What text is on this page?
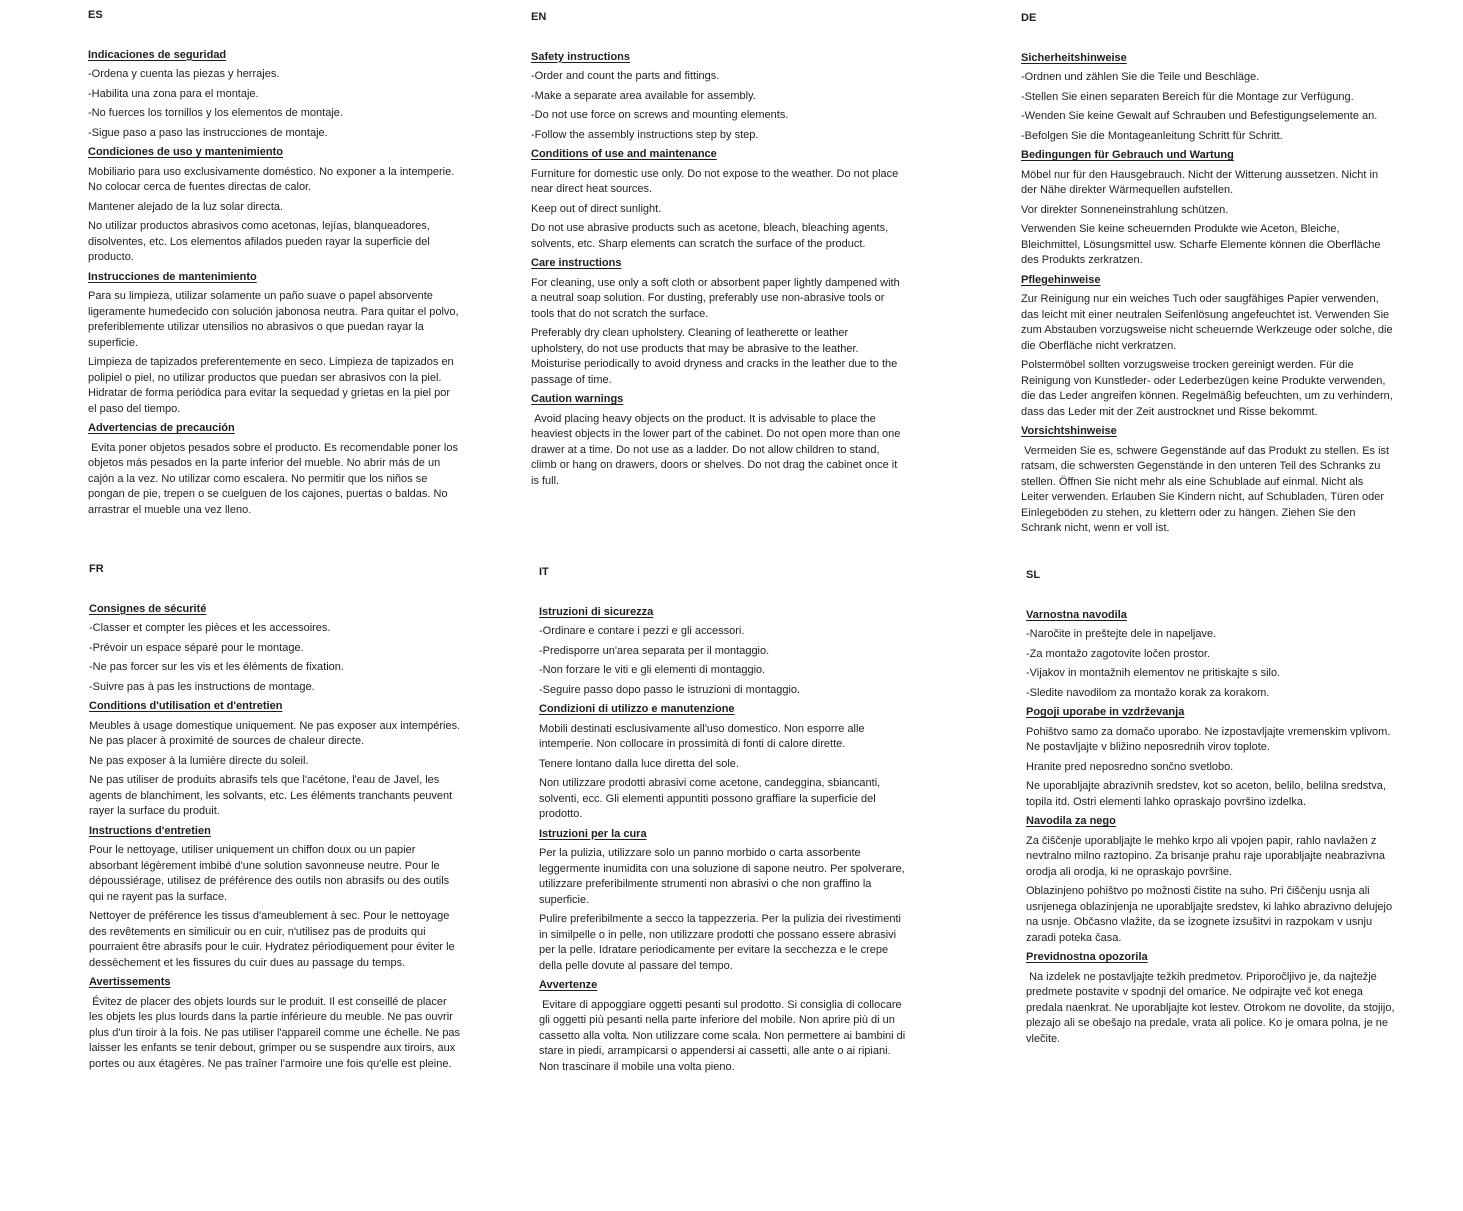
ES
Indicaciones de seguridad
-Ordena y cuenta las piezas y herrajes.
-Habilita una zona para el montaje.
-No fuerces los tornillos y los elementos de montaje.
-Sigue paso a paso las instrucciones de montaje.
Condiciones de uso y mantenimiento
Mobiliario para uso exclusivamente doméstico. No exponer a la intemperie. No colocar cerca de fuentes directas de calor.
Mantener alejado de la luz solar directa.
No utilizar productos abrasivos como acetonas, lejías, blanqueadores, disolventes, etc. Los elementos afilados pueden rayar la superficie del producto.
Instrucciones de mantenimiento
Para su limpieza, utilizar solamente un paño suave o papel absorvente ligeramente humedecido con solución jabonosa neutra. Para quitar el polvo, preferiblemente utilizar utensilios no abrasivos o que puedan rayar la superficie.
Limpieza de tapizados preferentemente en seco. Limpieza de tapizados en polipiel o piel, no utilizar productos que puedan ser abrasivos con la piel. Hidratar de forma periódica para evitar la sequedad y grietas en la piel por el paso del tiempo.
Advertencias de precaución
Evita poner objetos pesados sobre el producto. Es recomendable poner los objetos más pesados en la parte inferior del mueble. No abrir más de un cajón a la vez. No utilizar como escalera. No permitir que los niños se pongan de pie, trepen o se cuelguen de los cajones, puertas o baldas. No arrastrar el mueble una vez lleno.
EN
Safety instructions
-Order and count the parts and fittings.
-Make a separate area available for assembly.
-Do not use force on screws and mounting elements.
-Follow the assembly instructions step by step.
Conditions of use and maintenance
Furniture for domestic use only. Do not expose to the weather. Do not place near direct heat sources.
Keep out of direct sunlight.
Do not use abrasive products such as acetone, bleach, bleaching agents, solvents, etc. Sharp elements can scratch the surface of the product.
Care instructions
For cleaning, use only a soft cloth or absorbent paper lightly dampened with a neutral soap solution. For dusting, preferably use non-abrasive tools or tools that do not scratch the surface.
Preferably dry clean upholstery. Cleaning of leatherette or leather upholstery, do not use products that may be abrasive to the leather. Moisturise periodically to avoid dryness and cracks in the leather due to the passage of time.
Caution warnings
Avoid placing heavy objects on the product. It is advisable to place the heaviest objects in the lower part of the cabinet. Do not open more than one drawer at a time. Do not use as a ladder. Do not allow children to stand, climb or hang on drawers, doors or shelves. Do not drag the cabinet once it is full.
DE
Sicherheitshinweise
-Ordnen und zählen Sie die Teile und Beschläge.
-Stellen Sie einen separaten Bereich für die Montage zur Verfügung.
-Wenden Sie keine Gewalt auf Schrauben und Befestigungselemente an.
-Befolgen Sie die Montageanleitung Schritt für Schritt.
Bedingungen für Gebrauch und Wartung
Möbel nur für den Hausgebrauch. Nicht der Witterung aussetzen. Nicht in der Nähe direkter Wärmequellen aufstellen.
Vor direkter Sonneneinstrahlung schützen.
Verwenden Sie keine scheuernden Produkte wie Aceton, Bleiche, Bleichmittel, Lösungsmittel usw. Scharfe Elemente können die Oberfläche des Produkts zerkratzen.
Pflegehinweise
Zur Reinigung nur ein weiches Tuch oder saugfähiges Papier verwenden, das leicht mit einer neutralen Seifenlösung angefeuchtet ist. Verwenden Sie zum Abstauben vorzugsweise nicht scheuernde Werkzeuge oder solche, die die Oberfläche nicht verkratzen.
Polstermöbel sollten vorzugsweise trocken gereinigt werden. Für die Reinigung von Kunstleder- oder Lederbezügen keine Produkte verwenden, die das Leder angreifen können. Regelmäßig befeuchten, um zu verhindern, dass das Leder mit der Zeit austrocknet und Risse bekommt.
Vorsichtshinweise
Vermeiden Sie es, schwere Gegenstände auf das Produkt zu stellen. Es ist ratsam, die schwersten Gegenstände in den unteren Teil des Schranks zu stellen. Öffnen Sie nicht mehr als eine Schublade auf einmal. Nicht als Leiter verwenden. Erlauben Sie Kindern nicht, auf Schubladen, Türen oder Einlegeböden zu stehen, zu klettern oder zu hängen. Ziehen Sie den Schrank nicht, wenn er voll ist.
FR
Consignes de sécurité
-Classer et compter les pièces et les accessoires.
-Prévoir un espace séparé pour le montage.
-Ne pas forcer sur les vis et les éléments de fixation.
-Suivre pas à pas les instructions de montage.
Conditions d'utilisation et d'entretien
Meubles à usage domestique uniquement. Ne pas exposer aux intempéries. Ne pas placer à proximité de sources de chaleur directe.
Ne pas exposer à la lumière directe du soleil.
Ne pas utiliser de produits abrasifs tels que l'acétone, l'eau de Javel, les agents de blanchiment, les solvants, etc. Les éléments tranchants peuvent rayer la surface du produit.
Instructions d'entretien
Pour le nettoyage, utiliser uniquement un chiffon doux ou un papier absorbant légèrement imbibé d'une solution savonneuse neutre. Pour le dépoussiérage, utilisez de préférence des outils non abrasifs ou des outils qui ne rayent pas la surface.
Nettoyer de préférence les tissus d'ameublement à sec. Pour le nettoyage des revêtements en similicuir ou en cuir, n'utilisez pas de produits qui pourraient être abrasifs pour le cuir. Hydratez périodiquement pour éviter le dessèchement et les fissures du cuir dues au passage du temps.
Avertissements
Évitez de placer des objets lourds sur le produit. Il est conseillé de placer les objets les plus lourds dans la partie inférieure du meuble. Ne pas ouvrir plus d'un tiroir à la fois. Ne pas utiliser l'appareil comme une échelle. Ne pas laisser les enfants se tenir debout, grimper ou se suspendre aux tiroirs, aux portes ou aux étagères. Ne pas traîner l'armoire une fois qu'elle est pleine.
IT
Istruzioni di sicurezza
-Ordinare e contare i pezzi e gli accessori.
-Predisporre un'area separata per il montaggio.
-Non forzare le viti e gli elementi di montaggio.
-Seguire passo dopo passo le istruzioni di montaggio.
Condizioni di utilizzo e manutenzione
Mobili destinati esclusivamente all'uso domestico. Non esporre alle intemperie. Non collocare in prossimità di fonti di calore dirette.
Tenere lontano dalla luce diretta del sole.
Non utilizzare prodotti abrasivi come acetone, candeggina, sbiancanti, solventi, ecc. Gli elementi appuntiti possono graffiare la superficie del prodotto.
Istruzioni per la cura
Per la pulizia, utilizzare solo un panno morbido o carta assorbente leggermente inumidita con una soluzione di sapone neutro. Per spolverare, utilizzare preferibilmente strumenti non abrasivi o che non graffino la superficie.
Pulire preferibilmente a secco la tappezzeria. Per la pulizia dei rivestimenti in similpelle o in pelle, non utilizzare prodotti che possano essere abrasivi per la pelle. Idratare periodicamente per evitare la secchezza e le crepe della pelle dovute al passare del tempo.
Avvertenze
Evitare di appoggiare oggetti pesanti sul prodotto. Si consiglia di collocare gli oggetti più pesanti nella parte inferiore del mobile. Non aprire più di un cassetto alla volta. Non utilizzare come scala. Non permettere ai bambini di stare in piedi, arrampicarsi o appendersi ai cassetti, alle ante o ai ripiani. Non trascinare il mobile una volta pieno.
SL
Varnostna navodila
-Naročite in preštejte dele in napeljave.
-Za montažo zagotovite ločen prostor.
-Vijakov in montažnih elementov ne pritiskajte s silo.
-Sledite navodilom za montažo korak za korakom.
Pogoji uporabe in vzdrževanja
Pohištvo samo za domačo uporabo. Ne izpostavljajte vremenskim vplivom. Ne postavljajte v bližino neposrednih virov toplote.
Hranite pred neposredno sončno svetlobo.
Ne uporabljajte abrazivnih sredstev, kot so aceton, belilo, belilna sredstva, topila itd. Ostri elementi lahko opraskajo površino izdelka.
Navodila za nego
Za čiščenje uporabljajte le mehko krpo ali vpojen papir, rahlo navlažen z nevtralno milno raztopino. Za brisanje prahu raje uporabljajte neabrazivna orodja ali orodja, ki ne opraskajo površine.
Oblazinjeno pohištvo po možnosti čistite na suho. Pri čiščenju usnja ali usnjenega oblazinjenja ne uporabljajte sredstev, ki lahko abrazivno delujejo na usnje. Občasno vlažite, da se izognete izsušitvi in razpokam v usnju zaradi poteka časa.
Previdnostna opozorila
Na izdelek ne postavljajte težkih predmetov. Priporočljivo je, da najtežje predmete postavite v spodnji del omarice. Ne odpirajte več kot enega predala naenkrat. Ne uporabljajte kot lestev. Otrokom ne dovolite, da stojijo, plezajo ali se obešajo na predale, vrata ali police. Ko je omara polna, je ne vlečite.
